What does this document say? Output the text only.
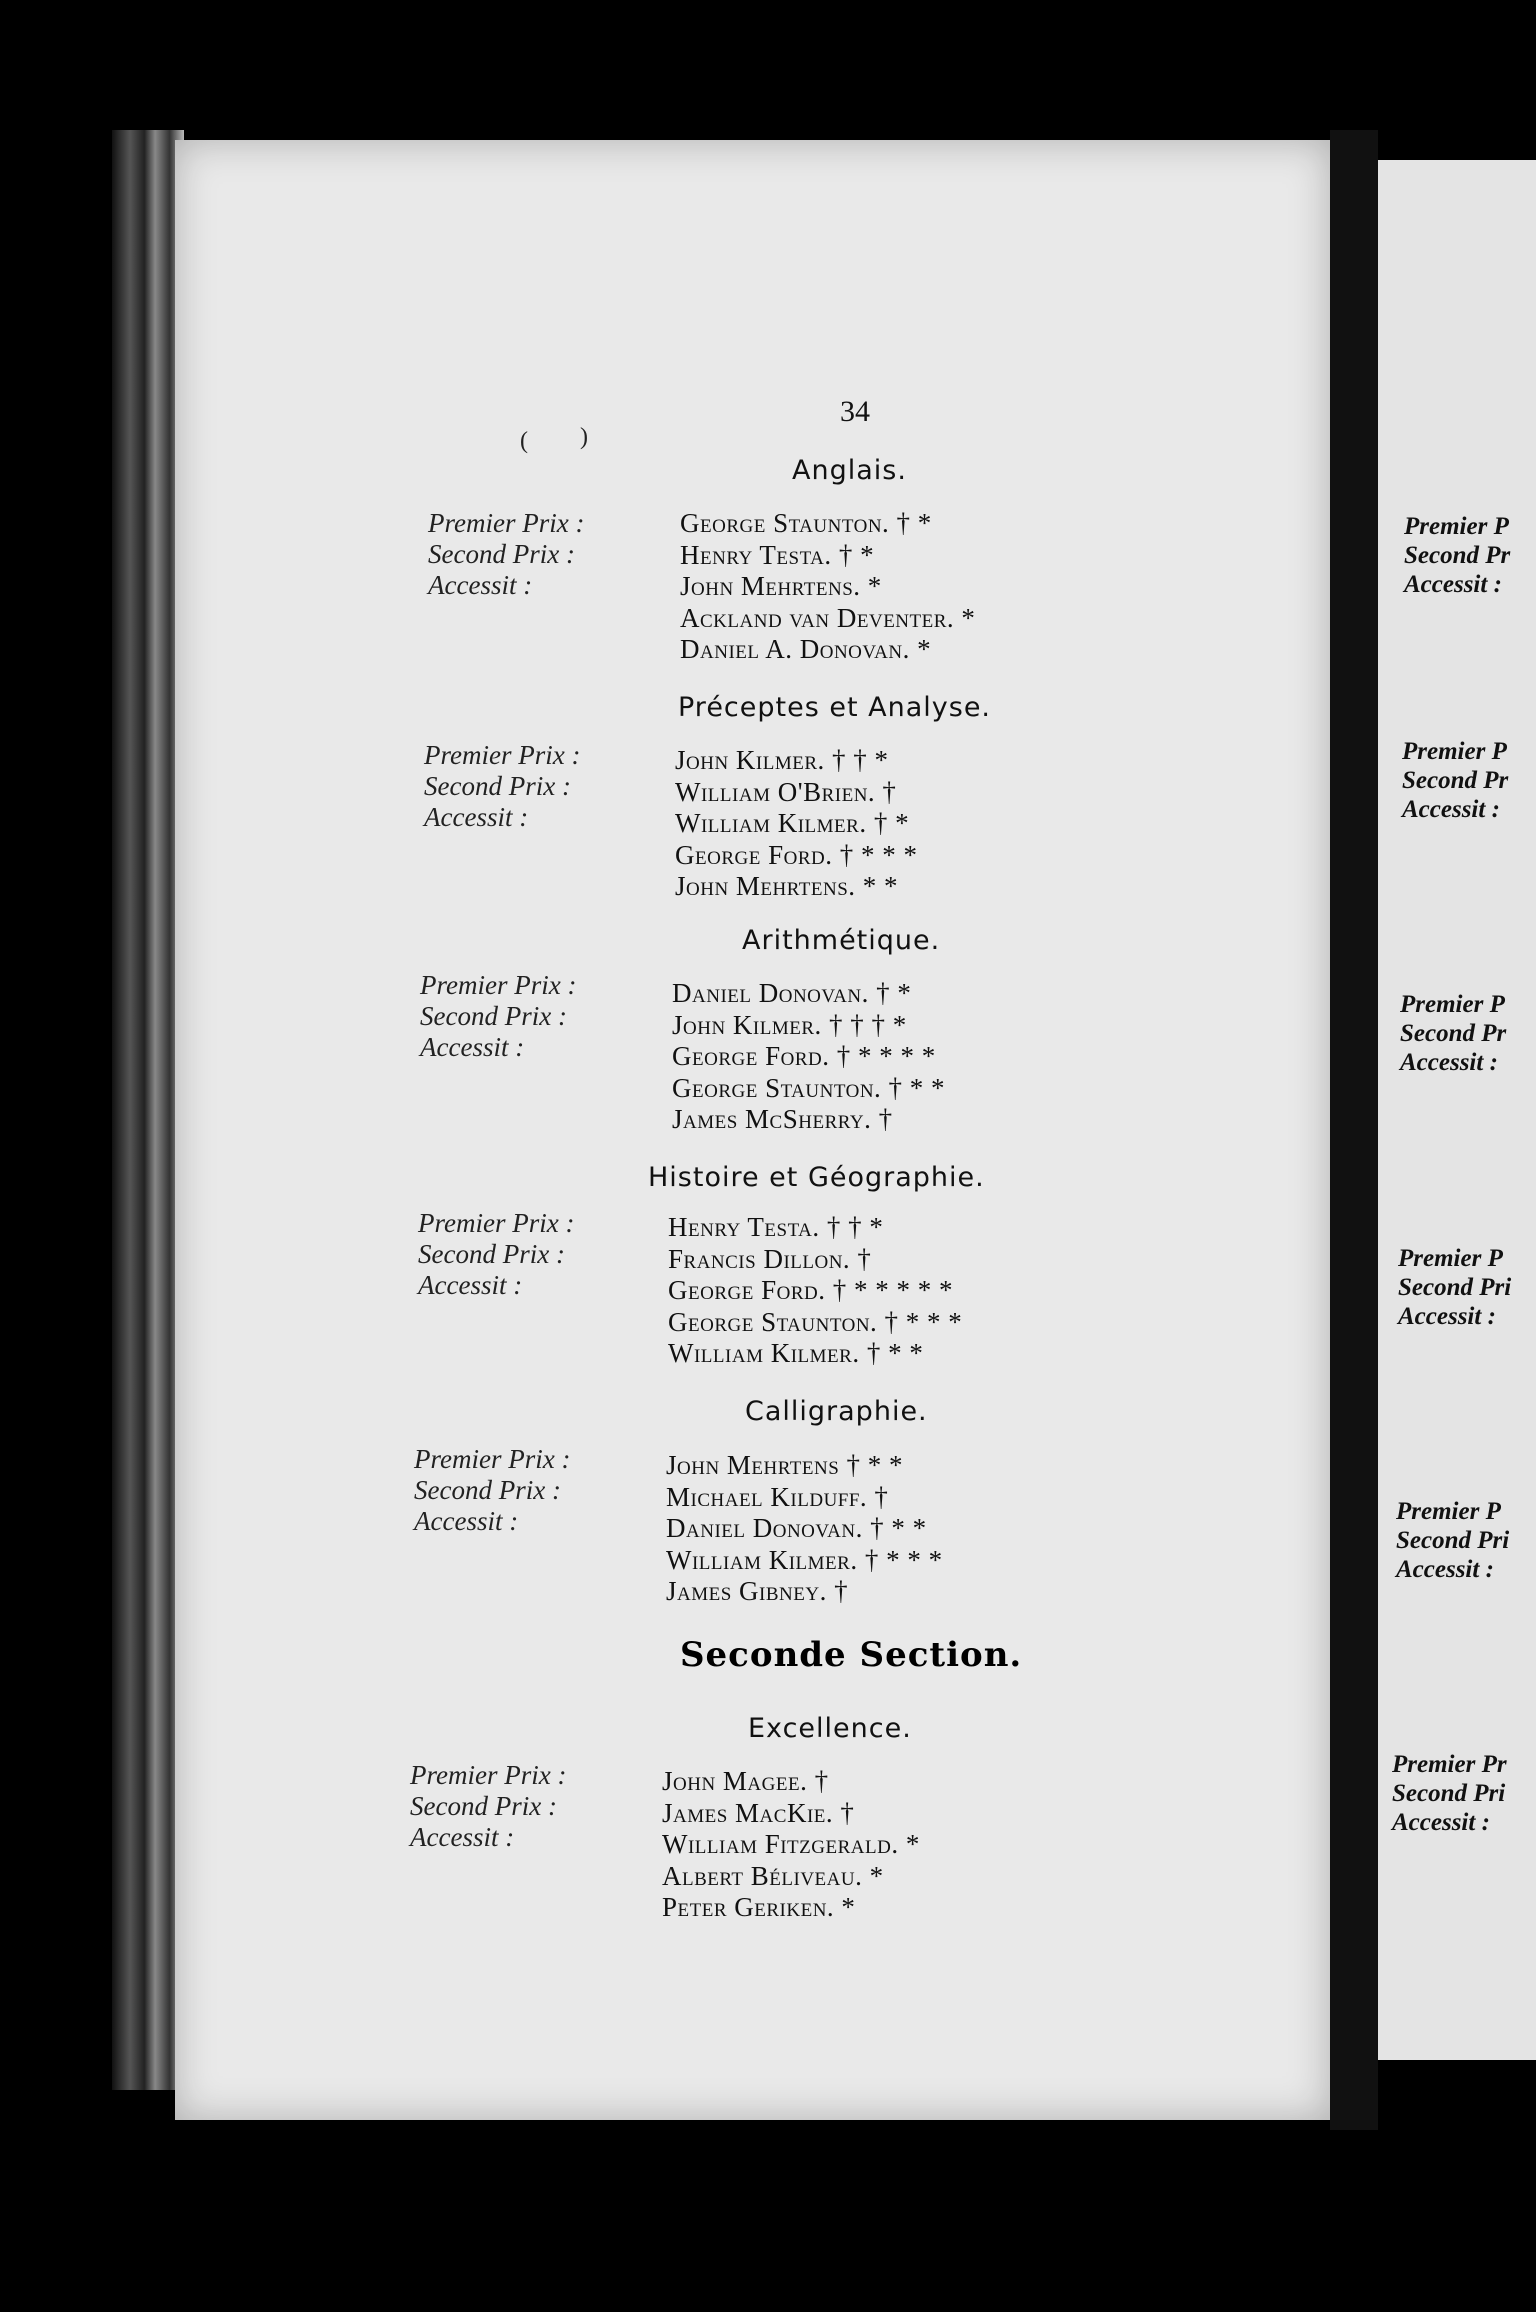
34
( )
Anglais.
Premier Prix :
Second Prix :
Accessit :
George Staunton. † *
Henry Testa. † *
John Mehrtens. *
Ackland van Deventer. *
Daniel A. Donovan. *
Préceptes et Analyse.
Premier Prix :
Second Prix :
Accessit :
John Kilmer. † † *
William O'Brien. †
William Kilmer. † *
George Ford. † * * *
John Mehrtens. * *
Arithmétique.
Premier Prix :
Second Prix :
Accessit :
Daniel Donovan. † *
John Kilmer. † † † *
George Ford. † * * * *
George Staunton. † * *
James McSherry. †
Histoire et Géographie.
Premier Prix :
Second Prix :
Accessit :
Henry Testa. † † *
Francis Dillon. †
George Ford. † * * * * *
George Staunton. † * * *
William Kilmer. † * *
Calligraphie.
Premier Prix :
Second Prix :
Accessit :
John Mehrtens † * *
Michael Kilduff. †
Daniel Donovan. † * *
William Kilmer. † * * *
James Gibney. †
Seconde Section.
Excellence.
Premier Prix :
Second Prix :
Accessit :
John Magee. †
James MacKie. †
William Fitzgerald. *
Albert Béliveau. *
Peter Geriken. *
Premier P
Second Pr
Accessit :
Premier P
Second Pr
Accessit :
Premier P
Second Pr
Accessit :
Premier P
Second Pri
Accessit :
Premier P
Second Pri
Accessit :
Premier Pr
Second Pri
Accessit :
